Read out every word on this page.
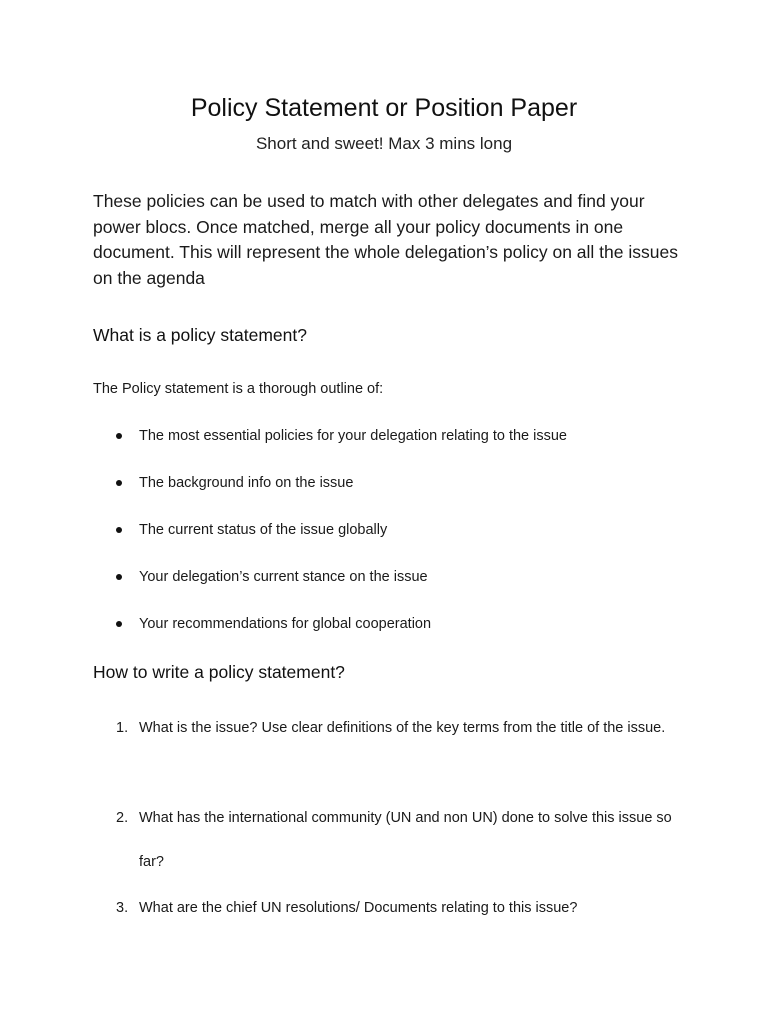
Policy Statement or Position Paper

Short and sweet! Max 3 mins long

These policies can be used to match with other delegates and find your power blocs. Once matched, merge all your policy documents in one document. This will represent the whole delegation’s policy on all the issues on the agenda

What is a policy statement?

The Policy statement is a thorough outline of:

The most essential policies for your delegation relating to the issue
The background info on the issue
The current status of the issue globally
Your delegation’s current stance on the issue
Your recommendations for global cooperation
How to write a policy statement?
1. What is the issue? Use clear definitions of the key terms from the title of the issue.
2. What has the international community (UN and non UN) done to solve this issue so far?
3. What are the chief UN resolutions/ Documents relating to this issue?
